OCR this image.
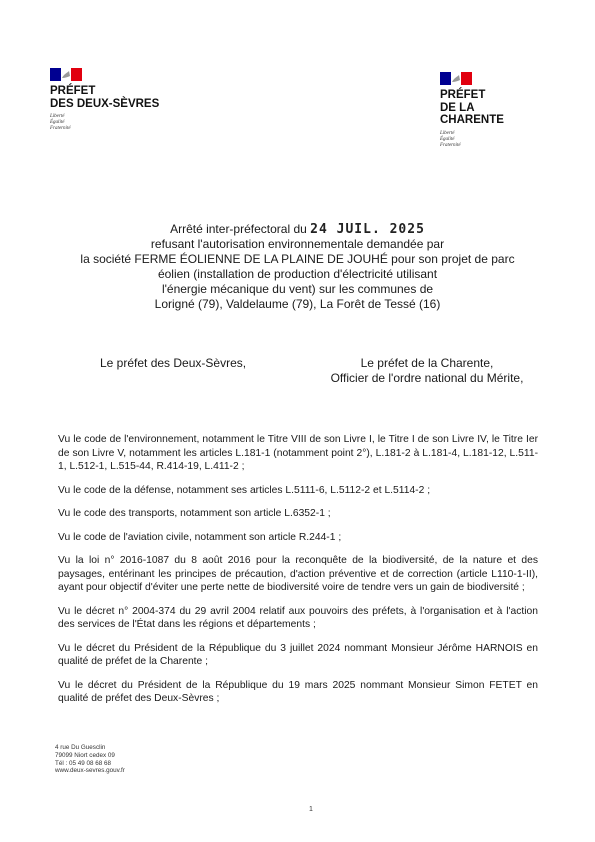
PRÉFET
DES DEUX-SÈVRES
Liberté
Égalité
Fraternité
PRÉFET
DE LA
CHARENTE
Liberté
Égalité
Fraternité

Arrêté inter-préfectoral du 24 JUIL. 2025

refusant l'autorisation environnementale demandée par

la société FERME ÉOLIENNE DE LA PLAINE DE JOUHÉ pour son projet de parc

éolien (installation de production d'électricité utilisant

l'énergie mécanique du vent) sur les communes de

Lorigné (79), Valdelaume (79), La Forêt de Tessé (16)

Le préfet des Deux-Sèvres,	Le préfet de la Charente,

Officier de l'ordre national du Mérite,

Vu le code de l'environnement, notamment le Titre VIII de son Livre I, le Titre I de son Livre IV, le Titre Ier de son Livre V, notamment les articles L.181-1 (notamment point 2°), L.181-2 à L.181-4, L.181-12, L.511-1, L.512-1, L.515-44, R.414-19, L.411-2 ;

Vu le code de la défense, notamment ses articles L.5111-6, L.5112-2 et L.5114-2 ;

Vu le code des transports, notamment son article L.6352-1 ;

Vu le code de l'aviation civile, notamment son article R.244-1 ;

Vu la loi n° 2016-1087 du 8 août 2016 pour la reconquête de la biodiversité, de la nature et des paysages, entérinant les principes de précaution, d'action préventive et de correction (article L110-1-II), ayant pour objectif d'éviter une perte nette de biodiversité voire de tendre vers un gain de biodiversité ;

Vu le décret n° 2004-374 du 29 avril 2004 relatif aux pouvoirs des préfets, à l'organisation et à l'action des services de l'État dans les régions et départements ;

Vu le décret du Président de la République du 3 juillet 2024 nommant Monsieur Jérôme HARNOIS en qualité de préfet de la Charente ;

Vu le décret du Président de la République du 19 mars 2025 nommant Monsieur Simon FETET en qualité de préfet des Deux-Sèvres ;

4 rue Du Guesclin

79099 Niort cedex 09

Tél : 05 49 08 68 68

www.deux-sevres.gouv.fr

1
